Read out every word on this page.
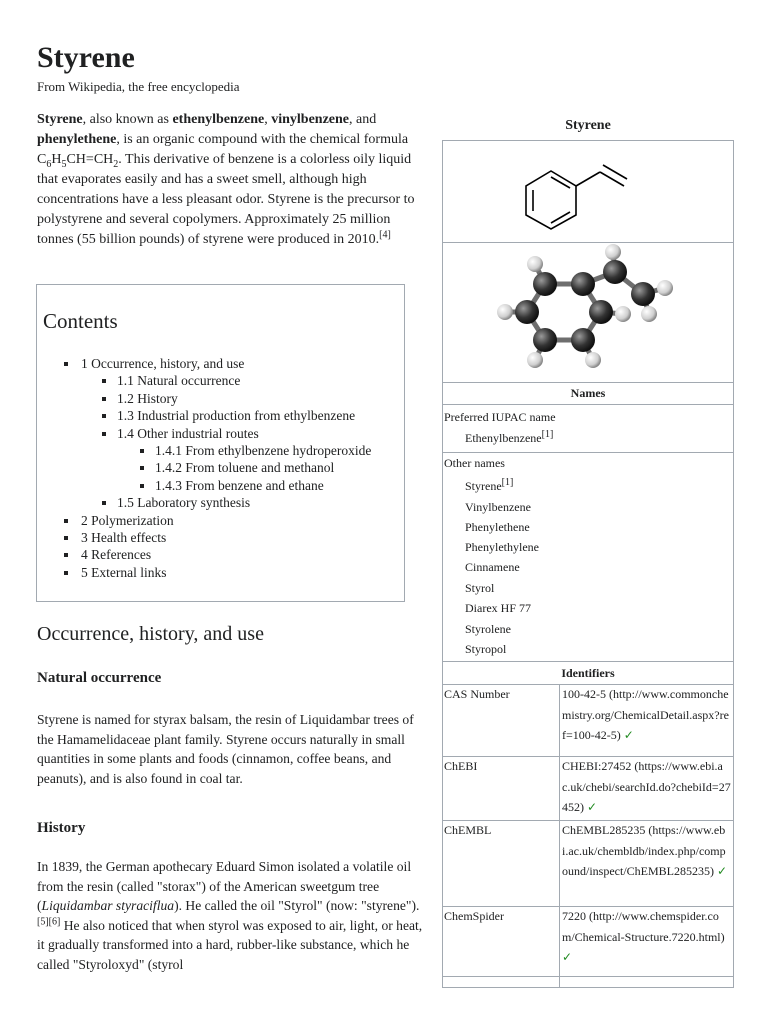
Styrene
From Wikipedia, the free encyclopedia

Styrene, also known as ethenylbenzene, vinylbenzene, and phenylethene, is an organic compound with the chemical formula $C_6H_5CH=CH_2$. This derivative of benzene is a colorless oily liquid that evaporates easily and has a sweet smell, although high concentrations have a less pleasant odor. Styrene is the precursor to polystyrene and several copolymers. Approximately 25 million tonnes (55 billion pounds) of styrene were produced in 2010.[4]

Contents
1 Occurrence, history, and use
1.1 Natural occurrence
1.2 History
1.3 Industrial production from ethylbenzene
1.4 Other industrial routes
1.4.1 From ethylbenzene hydroperoxide
1.4.2 From toluene and methanol
1.4.3 From benzene and ethane
1.5 Laboratory synthesis
2 Polymerization
3 Health effects
4 References
5 External links
Occurrence, history, and use
Natural occurrence

Styrene is named for styrax balsam, the resin of Liquidambar trees of the Hamamelidaceae plant family. Styrene occurs naturally in small quantities in some plants and foods (cinnamon, coffee beans, and peanuts), and is also found in coal tar.

History

In 1839, the German apothecary Eduard Simon isolated a volatile oil from the resin (called "storax") of the American sweetgum tree (Liquidambar styraciflua). He called the oil "Styrol" (now: "styrene").[5][6] He also noticed that when styrol was exposed to air, light, or heat, it gradually transformed into a hard, rubber-like substance, which he called "Styroloxyd" (styrol

Styrene
Names
Preferred IUPAC name
Ethenylbenzene[1]
Other names
Styrene[1]
Vinylbenzene
Phenylethene
Phenylethylene
Cinnamene
Styrol
Diarex HF 77
Styrolene
Styropol
Identifiers
CAS Number	100-42-5 (http://www.commonchemistry.org/ChemicalDetail.aspx?ref=100-42-5) ✓
ChEBI	CHEBI:27452 (https://www.ebi.ac.uk/chebi/searchId.do?chebiId=27452) ✓
ChEMBL	ChEMBL285235 (https://www.ebi.ac.uk/chembldb/index.php/compound/inspect/ChEMBL285235) ✓
ChemSpider	7220 (http://www.chemspider.com/Chemical-Structure.7220.html) ✓
